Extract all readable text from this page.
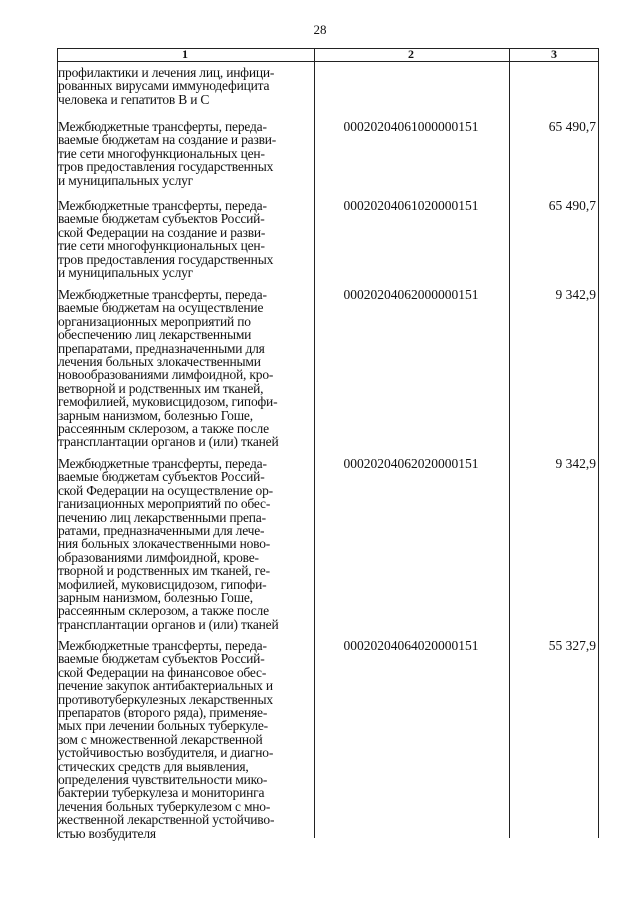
28
1	2	3
профилактики и лечения лиц, инфици-
рованных вирусами иммунодефицита
человека и гепатитов В и С
Межбюджетные трансферты, переда-
ваемые бюджетам на создание и разви-
тие сети многофункциональных цен-
тров предоставления государственных
и муниципальных услуг
00020204061000000151	65 490,7
Межбюджетные трансферты, переда-
ваемые бюджетам субъектов Россий-
ской Федерации на создание и разви-
тие сети многофункциональных цен-
тров предоставления государственных
и муниципальных услуг
00020204061020000151	65 490,7
Межбюджетные трансферты, переда-
ваемые бюджетам на осуществление
организационных мероприятий по
обеспечению лиц лекарственными
препаратами, предназначенными для
лечения больных злокачественными
новообразованиями лимфоидной, кро-
ветворной и родственных им тканей,
гемофилией, муковисцидозом, гипофи-
зарным нанизмом, болезнью Гоше,
рассеянным склерозом, а также после
трансплантации органов и (или) тканей
00020204062000000151	9 342,9
Межбюджетные трансферты, переда-
ваемые бюджетам субъектов Россий-
ской Федерации на осуществление ор-
ганизационных мероприятий по обес-
печению лиц лекарственными препа-
ратами, предназначенными для лече-
ния больных злокачественными ново-
образованиями лимфоидной, крове-
творной и родственных им тканей, ге-
мофилией, муковисцидозом, гипофи-
зарным нанизмом, болезнью Гоше,
рассеянным склерозом, а также после
трансплантации органов и (или) тканей
00020204062020000151	9 342,9
Межбюджетные трансферты, переда-
ваемые бюджетам субъектов Россий-
ской Федерации на финансовое обес-
печение закупок антибактериальных и
противотуберкулезных лекарственных
препаратов (второго ряда), применяе-
мых при лечении больных туберкуле-
зом с множественной лекарственной
устойчивостью возбудителя, и диагно-
стических средств для выявления,
определения чувствительности мико-
бактерии туберкулеза и мониторинга
лечения больных туберкулезом с мно-
жественной лекарственной устойчиво-
стью возбудителя
00020204064020000151	55 327,9
